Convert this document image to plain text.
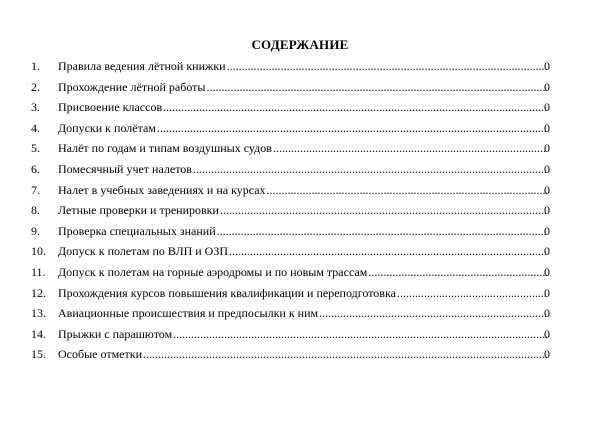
СОДЕРЖАНИЕ
1. Правила ведения лётной книжки .....	0
2. Прохождение лётной работы .....	0
3. Присвоение классов .....	0
4. Допуски к полётам .....	0
5. Налёт по годам и типам воздушных судов .....	0
6. Помесячный учет налетов .....	0
7. Налет в учебных заведениях и на курсах .....	0
8. Летные проверки и тренировки .....	0
9. Проверка специальных знаний .....	0
10. Допуск к полетам по ВЛП и ОЗП .....	0
11. Допуск к полетам на горные аэродромы и по новым трассам .....	0
12. Прохождения курсов повышения квалификации и переподготовка .....	0
13. Авиационные происшествия и предпосылки к ним .....	0
14. Прыжки с парашютом .....	0
15. Особые отметки .....	0
